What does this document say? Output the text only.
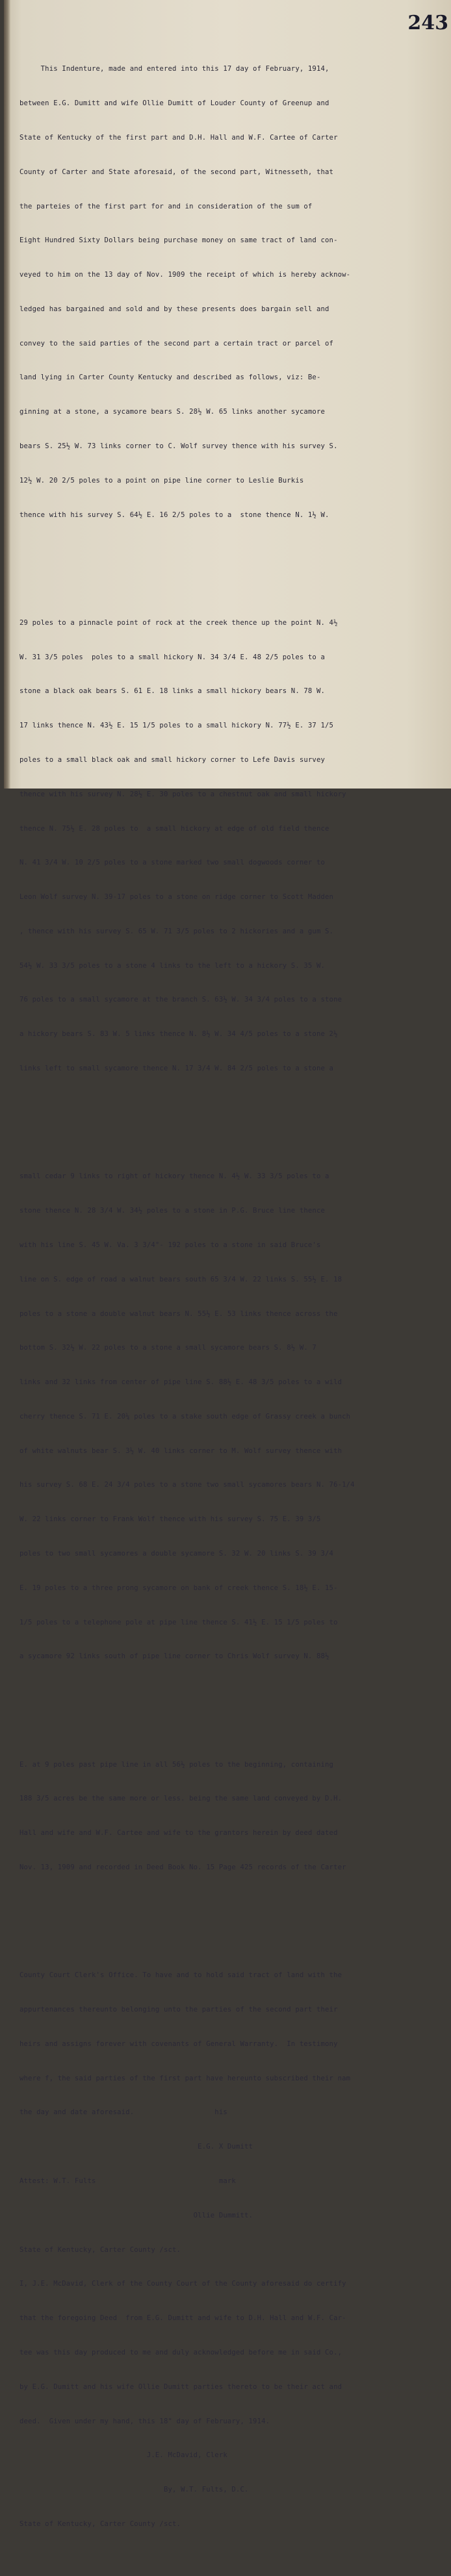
243

This Indenture, made and entered into this 17 day of February, 1914,

between E.G. Dumitt and wife Ollie Dumitt of Louder County of Greenup and

State of Kentucky of the first part and D.H. Hall and W.F. Cartee of Carter

County of Carter and State aforesaid, of the second part, Witnesseth, that

the parteies of the first part for and in consideration of the sum of

Eight Hundred Sixty Dollars being purchase money on same tract of land con-

veyed to him on the 13 day of Nov. 1909 the receipt of which is hereby acknow-

ledged has bargained and sold and by these presents does bargain sell and

convey to the said parties of the second part a certain tract or parcel of

land lying in Carter County Kentucky and described as follows, viz: Be-

ginning at a stone, a sycamore bears S. 28½ W. 65 links another sycamore

bears S. 25½ W. 73 links corner to C. Wolf survey thence with his survey S.

12½ W. 20 2/5 poles to a point on pipe line corner to Leslie Burkis

thence with his survey S. 64½ E. 16 2/5 poles to a  stone thence N. 1½ W.

29 poles to a pinnacle point of rock at the creek thence up the point N. 4½

W. 31 3/5 poles  poles to a small hickory N. 34 3/4 E. 48 2/5 poles to a

stone a black oak bears S. 61 E. 18 links a small hickory bears N. 78 W.

17 links thence N. 43½ E. 15 1/5 poles to a small hickory N. 77½ E. 37 1/5

poles to a small black oak and small hickory corner to Lefe Davis survey

thence with his survey N. 28½ E. 30 poles to a chestnut oak and small hickory

thence N. 75½ E. 28 poles to  a small hickory at edge of old field thence

N. 41 3/4 W. 10 2/5 poles to a stone marked two small dogwoods corner to

Leon Wolf survey N. 39-17 poles to a stone on ridge corner to Scott Madden

, thence with his survey S. 65 W. 71 3/5 poles to 2 hickories and a gum S.

54½ W. 33 3/5 poles to a stone 4 links to the left to a hickory S. 35 W.

76 poles to a small sycamore at the branch S. 63½ W. 34 3/4 poles to a stone

a hickory bears S. 83 W. 5 links thence N. 8½ W. 34 4/5 poles to a stone 2½

links left to small sycamore thence N. 17 3/4 W. 84 2/5 poles to a stone a

small cedar 9 links to right of hickory thence N. 4½ W. 33 3/5 poles to a

stone thence N. 28 3/4 W. 34½ poles to a stone in P.G. Bruce line thence

with his line S. 45 W. Va. 3 3/4°- 192 poles to a stone in said Bruce's

line on S. edge of road a walnut bears south 65 3/4 W. 22 links S. 55½ E. 18

poles to a stone a double walnut bears N. 55½ E. 53 links thence across the

bottom S. 32½ W. 22 poles to a stone a small sycamore bears S. 8½ W. 7

links and 32 links from center of pipe line S. 88½ E. 48 3/5 poles to a wild

cherry thence S. 71 E. 20¼ poles to a stake south edge of Grassy creek a bunch

of white walnuts bear S. 3½ W. 40 links corner to M. Wolf survey thence with

his survey S. 68 E. 24 3/4 poles to a stone two small sycamores bears N. 76-1/4

W. 22 links corner to Frank Wolf thence with his survey S. 75 E. 39 3/5

poles to two small sycamores a double sycamore S. 32 W. 20 links S. 39 3/4

E. 19 poles to a three prong sycamore on bank of creek thence S. 18½ E. 15-

1/5 poles to a telephone pole at pipe line thence S. 41½ E. 15 1/5 poles to

a sycamore 92 links south of pipe line corner to Chris Wolf survey N. 88½

E. at 9 poles past pipe line in all 56½ poles to the beginning, containing

188 3/5 acres be the same more or less. being the same land conveyed by D.H.

Hall and wife and W.F. Cartee and wife to the grantors herein by deed dated

Nov. 13, 1909 and recorded in Deed Book No. 15 Page 425 records of the Carter

County Court Clerk's Office. To have and to hold said tract of land with the

appurtenances thereunto belonging unto the parties of the second part their

heirs and assigns forever with covenants of General Warranty.  In testimony

where f, the said parties of the first part have hereunto subscribed their nam

the day and date aforesaid.                   his

E.G. X Dumitt

Attest: W.T. Fults                             mark

Ollie Dummitt.

State of Kentucky, Carter County /sct.

I, J.E. McDavid, Clerk of the County Court of the County aforesaid do certify

that the foregoing Deed  from E.G. Dumitt and wife to D.H. Hall and W.F. Car-

tee was this day produced to me and duly acknowledged before me in said Co.,

by E.G. Dumitt and his wife Ollie Dumitt parties thereto to be their act and

deed.  Given under my hand, this 18" day of February, 1914.

J.E. McDavid, Clerk

By, W.T. Fults, D.C.

State of Kentucky, Carter County /sct.
